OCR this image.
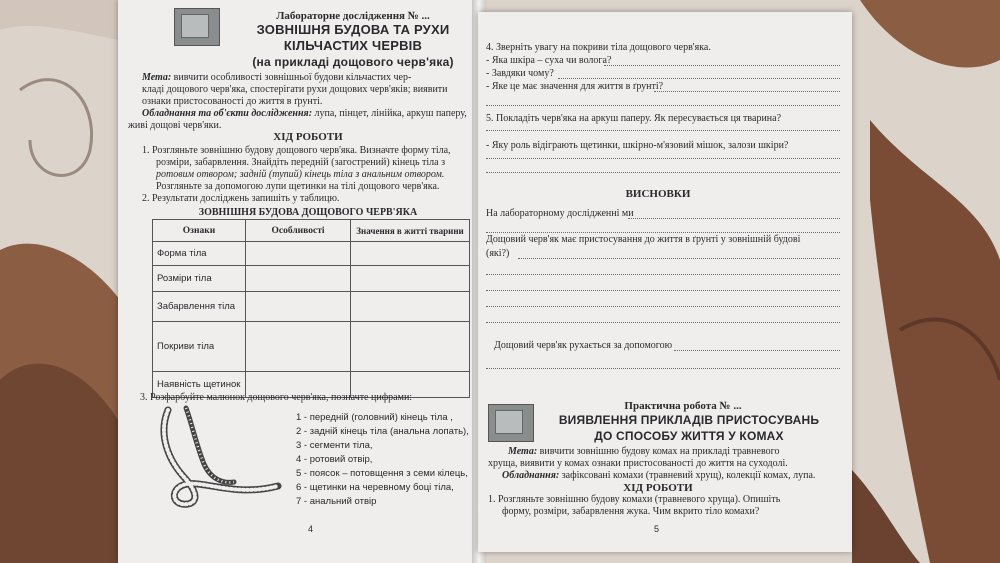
Лабораторне дослідження № ...
ЗОВНІШНЯ БУДОВА ТА РУХИ
КІЛЬЧАСТИХ ЧЕРВІВ
(на прикладі дощового черв'яка)
Мета: вивчити особливості зовнішньої будови кільчастих чер-
кладі дощового черв'яка, спостерігати рухи дощових черв'яків; виявити
ознаки пристосованості до життя в ґрунті.
Обладнання та об'єкти дослідження: лупа, пінцет, лінійка, аркуш паперу,
живі дощові черв'яки.
ХІД РОБОТИ
1. Розгляньте зовнішню будову дощового черв'яка. Визначте форму тіла,
розміри, забарвлення. Знайдіть передній (загострений) кінець тіла з
ротовим отвором; задній (тупий) кінець тіла з анальним отвором.
Розгляньте за допомогою лупи щетинки на тілі дощового черв'яка.
2. Результати досліджень запишіть у таблицю.
ЗОВНІШНЯ БУДОВА ДОЩОВОГО ЧЕРВ'ЯКА
Ознаки	Особливості	Значення в житті тварини
Форма тіла		
Розміри тіла		
Забарвлення тіла		
Покриви тіла		
Наявність щетинок		
3. Розфарбуйте малюнок дощового черв'яка, позначте цифрами:
1 - передній (головний) кінець тіла ,
2 - задній кінець тіла (анальна лопать),
3 - сегменти тіла,
4 - ротовий отвір,
5 - поясок – потовщення з семи кілець,
6 - щетинки на черевному боці тіла,
7 - анальний отвір
4
4. Зверніть увагу на покриви тіла дощового черв'яка.
- Яка шкіра – суха чи волога?
- Завдяки чому?
- Яке це має значення для життя в ґрунті?
5. Покладіть черв'яка на аркуш паперу. Як пересувається ця тварина?
- Яку роль відіграють щетинки, шкірно-м'язовий мішок, залози шкіри?
ВИСНОВКИ
На лабораторному дослідженні ми
Дощовий черв'як має пристосування до життя в ґрунті у зовнішній будові
(які?)
Дощовий черв'як рухається за допомогою
Практична робота № ...
ВИЯВЛЕННЯ ПРИКЛАДІВ ПРИСТОСУВАНЬ
ДО СПОСОБУ ЖИТТЯ У КОМАХ
Мета: вивчити зовнішню будову комах на прикладі травневого
хруща, виявити у комах ознаки пристосованості до життя на суходолі.
Обладнання: зафіксовані комахи (травневий хрущ), колекції комах, лупа.
ХІД РОБОТИ
1. Розгляньте зовнішню будову комахи (травневого хруща). Опишіть
форму, розміри, забарвлення жука. Чим вкрито тіло комахи?
5
